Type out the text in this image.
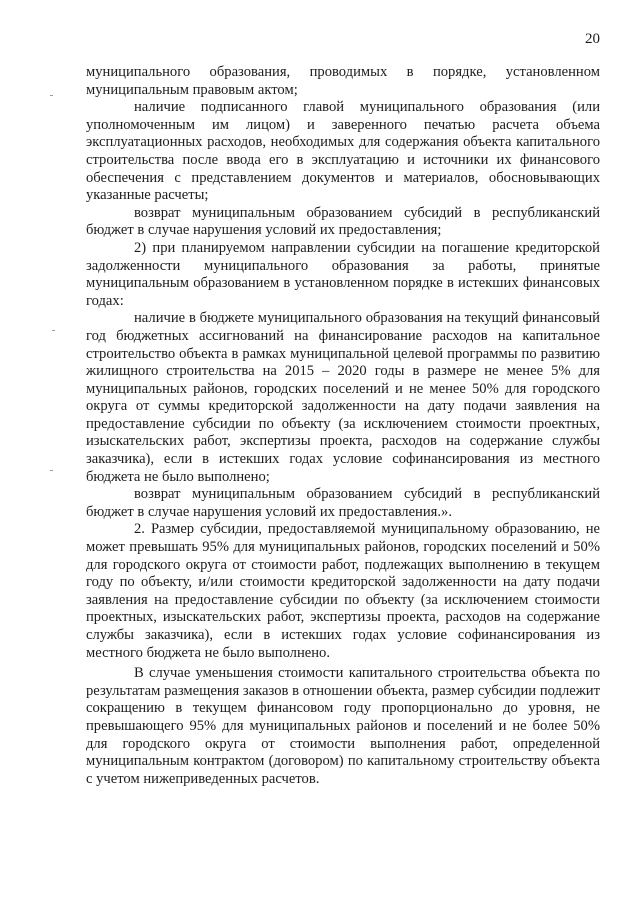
20

муниципального образования, проводимых в порядке, установленном муниципальным правовым актом;

наличие подписанного главой муниципального образования (или уполномоченным им лицом) и заверенного печатью расчета объема эксплуатационных расходов, необходимых для содержания объекта капитального строительства после ввода его в эксплуатацию и источники их финансового обеспечения с представлением документов и материалов, обосновывающих указанные расчеты;

возврат муниципальным образованием субсидий в республиканский бюджет в случае нарушения условий их предоставления;

2) при планируемом направлении субсидии на погашение кредиторской задолженности муниципального образования за работы, принятые муниципальным образованием в установленном порядке в истекших финансовых годах:

наличие в бюджете муниципального образования на текущий финансовый год бюджетных ассигнований на финансирование расходов на капитальное строительство объекта в рамках муниципальной целевой программы по развитию жилищного строительства на 2015 – 2020 годы в размере не менее 5% для муниципальных районов, городских поселений и не менее 50% для городского округа от суммы кредиторской задолженности на дату подачи заявления на предоставление субсидии по объекту (за исключением стоимости проектных, изыскательских работ, экспертизы проекта, расходов на содержание службы заказчика), если в истекших годах условие софинансирования из местного бюджета не было выполнено;

возврат муниципальным образованием субсидий в республиканский бюджет в случае нарушения условий их предоставления.».

2. Размер субсидии, предоставляемой муниципальному образованию, не может превышать 95% для муниципальных районов, городских поселений и 50% для городского округа от стоимости работ, подлежащих выполнению в текущем году по объекту, и/или стоимости кредиторской задолженности на дату подачи заявления на предоставление субсидии по объекту (за исключением стоимости проектных, изыскательских работ, экспертизы проекта, расходов на содержание службы заказчика), если в истекших годах условие софинансирования из местного бюджета не было выполнено.

В случае уменьшения стоимости капитального строительства объекта по результатам размещения заказов в отношении объекта, размер субсидии подлежит сокращению в текущем финансовом году пропорционально до уровня, не превышающего 95% для муниципальных районов и поселений и не более 50% для городского округа от стоимости выполнения работ, определенной муниципальным контрактом (договором) по капитальному строительству объекта с учетом нижеприведенных расчетов.
